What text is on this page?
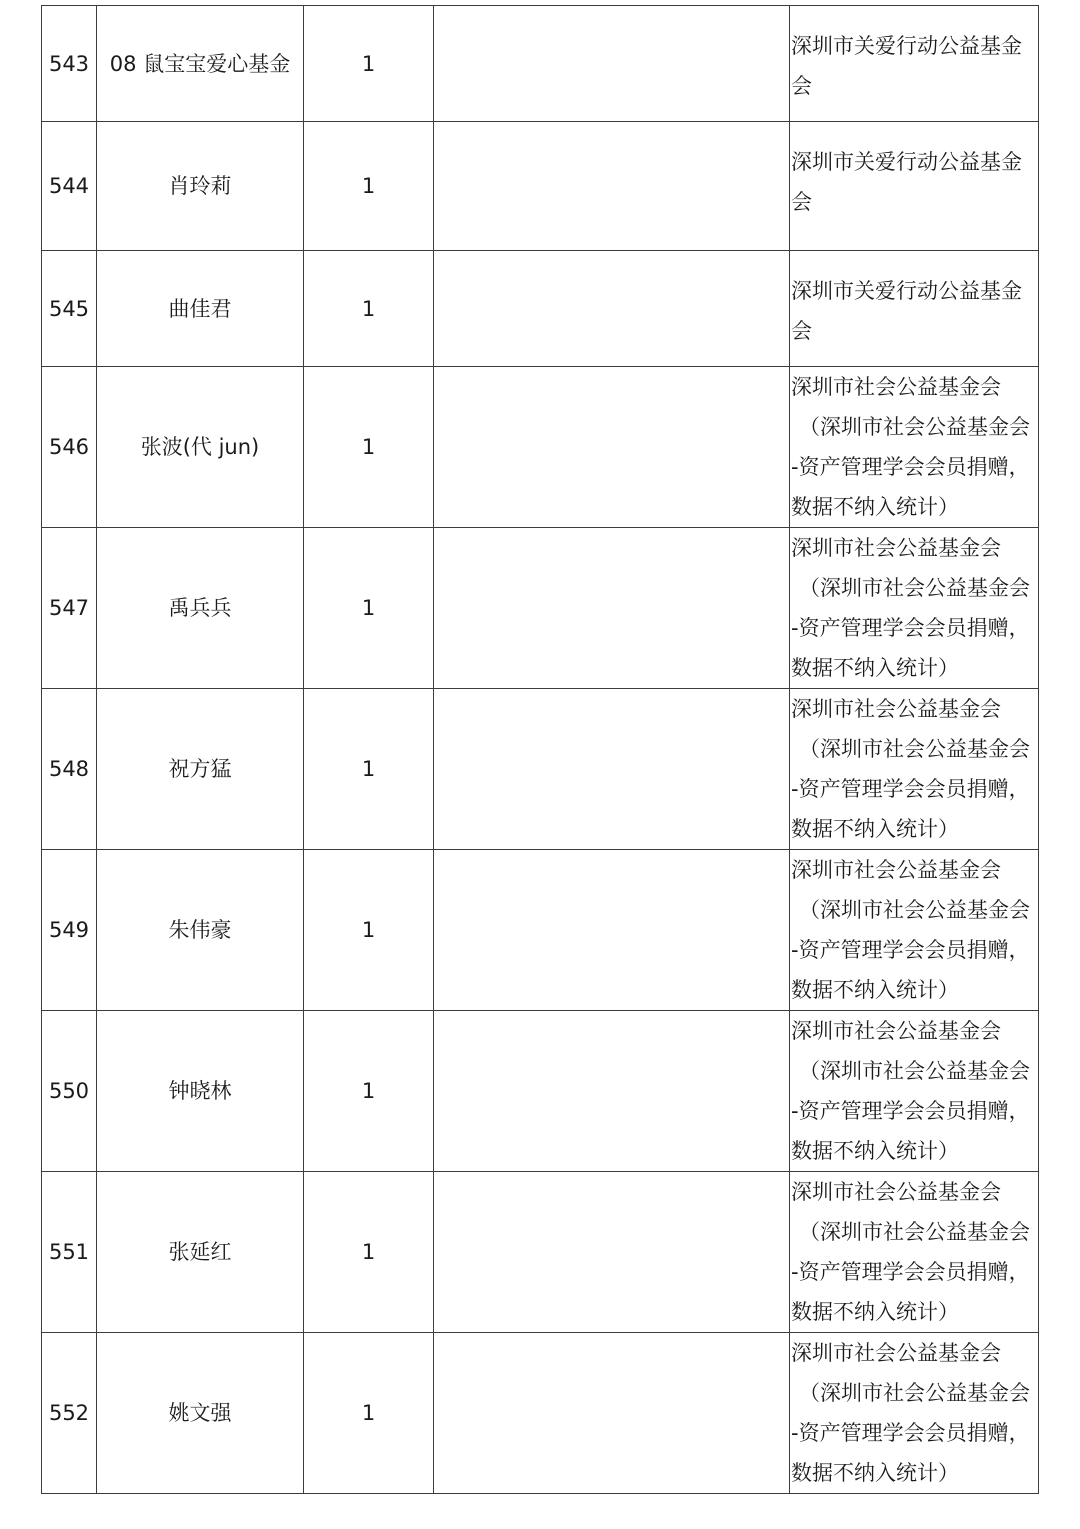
543	08 鼠宝宝爱心基金	1		深圳市关爱行动公益基金
会

544	肖玲莉	1		深圳市关爱行动公益基金
会

545	曲佳君	1		深圳市关爱行动公益基金
会

546	张波(代 jun)	1		深圳市社会公益基金会
（深圳市社会公益基金会
-资产管理学会会员捐赠，
数据不纳入统计）

547	禹兵兵	1		深圳市社会公益基金会
（深圳市社会公益基金会
-资产管理学会会员捐赠，
数据不纳入统计）

548	祝方猛	1		深圳市社会公益基金会
（深圳市社会公益基金会
-资产管理学会会员捐赠，
数据不纳入统计）

549	朱伟豪	1		深圳市社会公益基金会
（深圳市社会公益基金会
-资产管理学会会员捐赠，
数据不纳入统计）

550	钟晓林	1		深圳市社会公益基金会
（深圳市社会公益基金会
-资产管理学会会员捐赠，
数据不纳入统计）

551	张延红	1		深圳市社会公益基金会
（深圳市社会公益基金会
-资产管理学会会员捐赠，
数据不纳入统计）

552	姚文强	1		深圳市社会公益基金会
（深圳市社会公益基金会
-资产管理学会会员捐赠，
数据不纳入统计）
